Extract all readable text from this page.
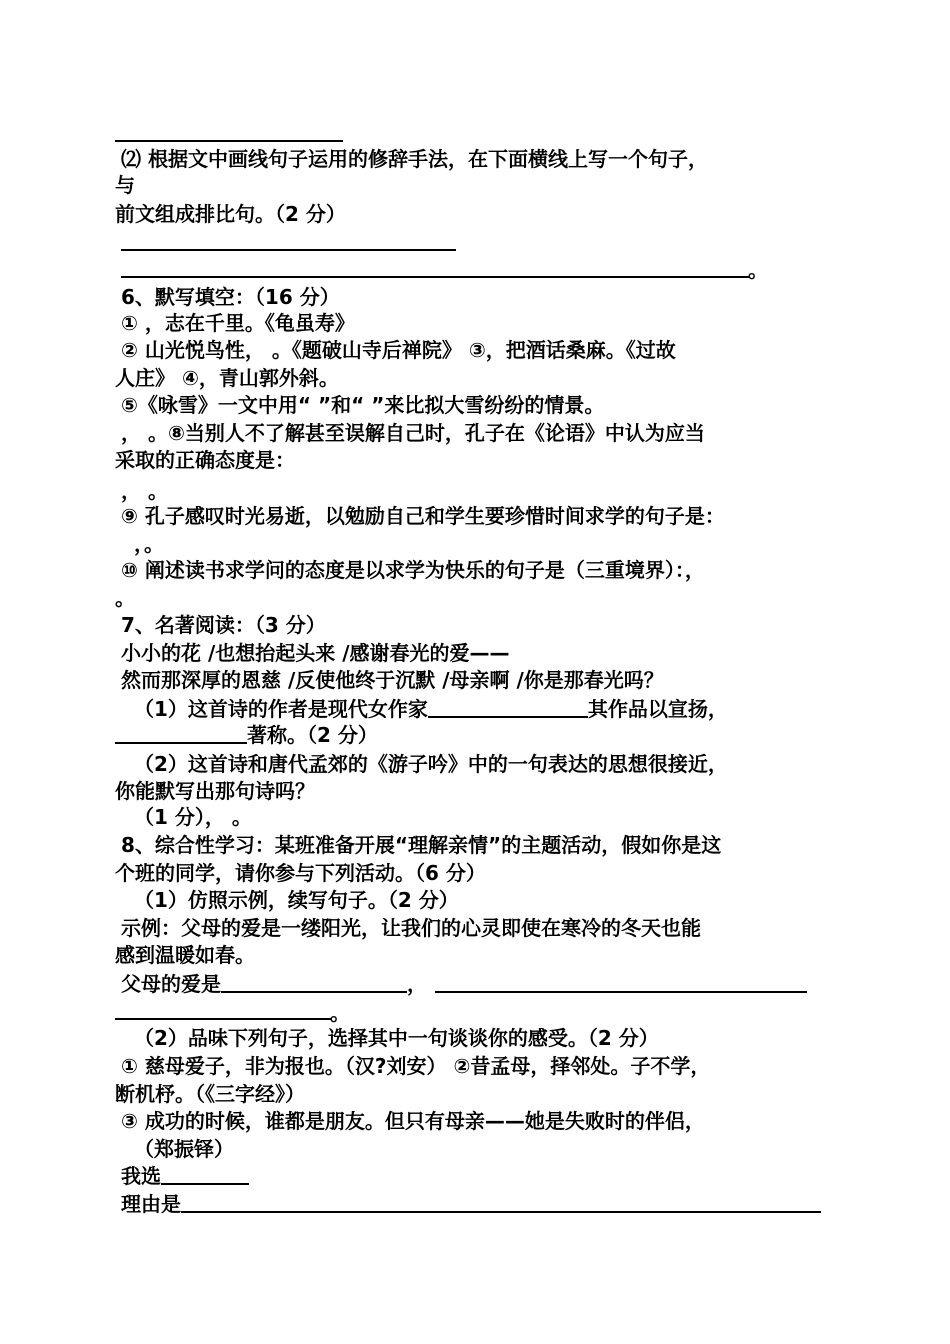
⑵ 根据文中画线句子运用的修辞手法，在下面横线上写一个句子，
与
前文组成排比句。（2 分）
。
6、默写填空：（16 分）
① ，志在千里。《龟虽寿》
② 山光悦鸟性， 。《题破山寺后禅院》 ③，把酒话桑麻。《过故
人庄》 ④，青山郭外斜。
⑤《咏雪》一文中用“ ”和“ ”来比拟大雪纷纷的情景。
， 。⑧当别人不了解甚至误解自己时，孔子在《论语》中认为应当
采取的正确态度是：
， 。
⑨ 孔子感叹时光易逝，以勉励自己和学生要珍惜时间求学的句子是：
，。
⑩ 阐述读书求学问的态度是以求学为快乐的句子是（三重境界）：，
。
7、名著阅读：（3 分）
小小的花 /也想抬起头来 /感谢春光的爱——
然而那深厚的恩慈 /反使他终于沉默 /母亲啊 /你是那春光吗？
（1）这首诗的作者是现代女作家	其作品以宣扬，
著称。（2 分）
（2）这首诗和唐代孟郊的《游子吟》中的一句表达的思想很接近，
你能默写出那句诗吗？
（1 分）， 。
8、综合性学习：某班准备开展“理解亲情”的主题活动，假如你是这
个班的同学，请你参与下列活动。（6 分）
（1）仿照示例，续写句子。（2 分）
示例：父母的爱是一缕阳光，让我们的心灵即使在寒冷的冬天也能
感到温暖如春。
父母的爱是	，
。
（2）品味下列句子，选择其中一句谈谈你的感受。（2 分）
① 慈母爱子，非为报也。（汉?刘安） ②昔孟母，择邻处。子不学，
断机杼。（《三字经》）
③ 成功的时候，谁都是朋友。但只有母亲——她是失败时的伴侣，
（郑振铎）
我选
理由是
